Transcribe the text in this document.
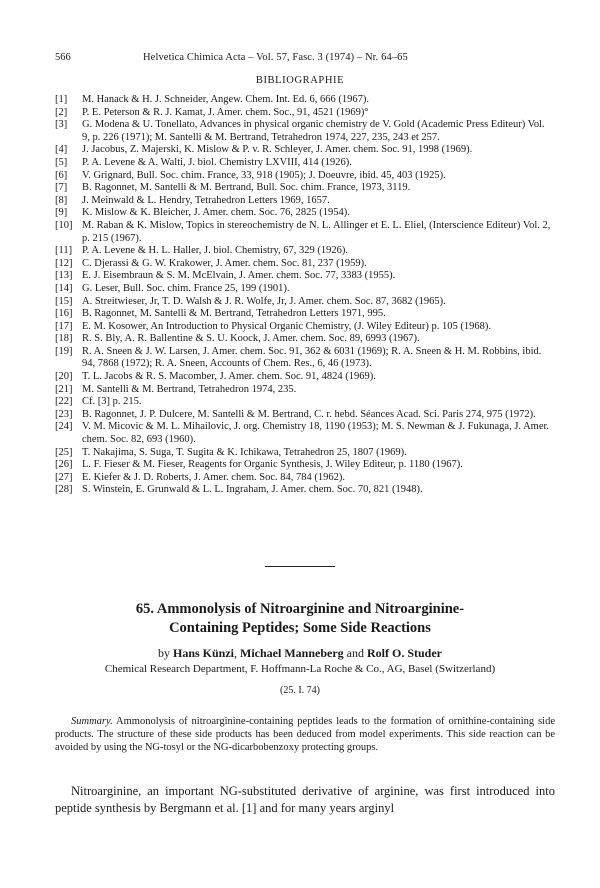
566	Helvetica Chimica Acta – Vol. 57, Fasc. 3 (1974) – Nr. 64–65
BIBLIOGRAPHIE
[1]	M. Hanack & H. J. Schneider, Angew. Chem. Int. Ed. 6, 666 (1967).
[2]	P. E. Peterson & R. J. Kamat, J. Amer. chem. Soc., 91, 4521 (1969)°
[3]	G. Modena & U. Tonellato, Advances in physical organic chemistry de V. Gold (Academic Press Editeur) Vol. 9, p. 226 (1971); M. Santelli & M. Bertrand, Tetrahedron 1974, 227, 235, 243 et 257.
[4]	J. Jacobus, Z. Majerski, K. Mislow & P. v. R. Schleyer, J. Amer. chem. Soc. 91, 1998 (1969).
[5]	P. A. Levene & A. Walti, J. biol. Chemistry LXVIII, 414 (1926).
[6]	V. Grignard, Bull. Soc. chim. France, 33, 918 (1905); J. Doeuvre, ibid. 45, 403 (1925).
[7]	B. Ragonnet, M. Santelli & M. Bertrand, Bull. Soc. chim. France, 1973, 3119.
[8]	J. Meinwald & L. Hendry, Tetrahedron Letters 1969, 1657.
[9]	K. Mislow & K. Bleicher, J. Amer. chem. Soc. 76, 2825 (1954).
[10] M. Raban & K. Mislow, Topics in stereochemistry de N. L. Allinger et E. L. Eliel, (Interscience Editeur) Vol. 2, p. 215 (1967).
[11] P. A. Levene & H. L. Haller, J. biol. Chemistry, 67, 329 (1926).
[12] C. Djerassi & G. W. Krakower, J. Amer. chem. Soc. 81, 237 (1959).
[13] E. J. Eisembraun & S. M. McElvain, J. Amer. chem. Soc. 77, 3383 (1955).
[14] G. Leser, Bull. Soc. chim. France 25, 199 (1901).
[15] A. Streitwieser, Jr, T. D. Walsh & J. R. Wolfe, Jr, J. Amer. chem. Soc. 87, 3682 (1965).
[16] B. Ragonnet, M. Santelli & M. Bertrand, Tetrahedron Letters 1971, 995.
[17] E. M. Kosower, An Introduction to Physical Organic Chemistry, (J. Wiley Editeur) p. 105 (1968).
[18] R. S. Bly, A. R. Ballentine & S. U. Koock, J. Amer. chem. Soc. 89, 6993 (1967).
[19] R. A. Sneen & J. W. Larsen, J. Amer. chem. Soc. 91, 362 & 6031 (1969); R. A. Sneen & H. M. Robbins, ibid. 94, 7868 (1972); R. A. Sneen, Accounts of Chem. Res., 6, 46 (1973).
[20] T. L. Jacobs & R. S. Macomber, J. Amer. chem. Soc. 91, 4824 (1969).
[21] M. Santelli & M. Bertrand, Tetrahedron 1974, 235.
[22] Cf. [3] p. 215.
[23] B. Ragonnet, J. P. Dulcere, M. Santelli & M. Bertrand, C. r. hebd. Séances Acad. Sci. Paris 274, 975 (1972).
[24] V. M. Micovic & M. L. Mihailovic, J. org. Chemistry 18, 1190 (1953); M. S. Newman & J. Fukunaga, J. Amer. chem. Soc. 82, 693 (1960).
[25] T. Nakajima, S. Suga, T. Sugita & K. Ichikawa, Tetrahedron 25, 1807 (1969).
[26] L. F. Fieser & M. Fieser, Reagents for Organic Synthesis, J. Wiley Editeur, p. 1180 (1967).
[27] E. Kiefer & J. D. Roberts, J. Amer. chem. Soc. 84, 784 (1962).
[28] S. Winstein, E. Grunwald & L. L. Ingraham, J. Amer. chem. Soc. 70, 821 (1948).
65. Ammonolysis of Nitroarginine and Nitroarginine-
Containing Peptides; Some Side Reactions
by Hans Künzi, Michael Manneberg and Rolf O. Studer
Chemical Research Department, F. Hoffmann-La Roche & Co., AG, Basel (Switzerland)
(25. I. 74)
Summary. Ammonolysis of nitroarginine-containing peptides leads to the formation of ornithine-containing side products. The structure of these side products has been deduced from model experiments. This side reaction can be avoided by using the NG-tosyl or the NG-dicarbobenzoxy protecting groups.
Nitroarginine, an important NG-substituted derivative of arginine, was first introduced into peptide synthesis by Bergmann et al. [1] and for many years arginyl
